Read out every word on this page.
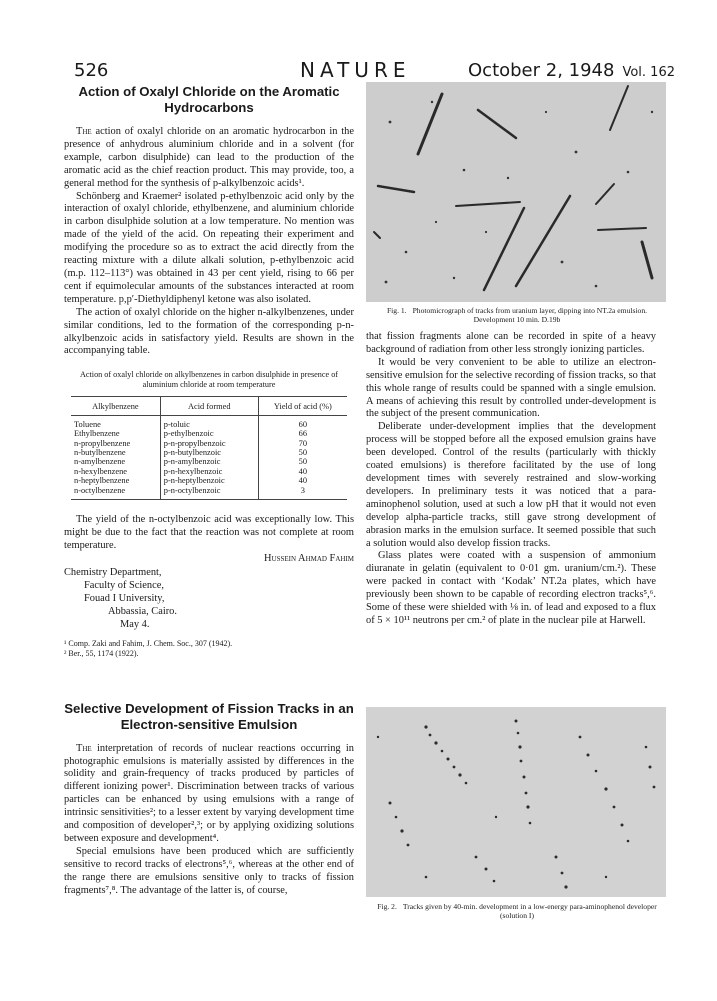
526	NATURE	October 2, 1948 Vol. 162
Action of Oxalyl Chloride on the Aromatic Hydrocarbons

The action of oxalyl chloride on an aromatic hydrocarbon in the presence of anhydrous aluminium chloride and in a solvent (for example, carbon disulphide) can lead to the production of the aromatic acid as the chief reaction product. This may provide, too, a general method for the synthesis of p-alkylbenzoic acids¹.

Schönberg and Kraemer² isolated p-ethylbenzoic acid only by the interaction of oxalyl chloride, ethylbenzene, and aluminium chloride in carbon disulphide solution at a low temperature. No mention was made of the yield of the acid. On repeating their experiment and modifying the procedure so as to extract the acid directly from the reacting mixture with a dilute alkali solution, p-ethylbenzoic acid (m.p. 112–113°) was obtained in 43 per cent yield, rising to 66 per cent if equimolecular amounts of the substances interacted at room temperature. p,p′-Diethyldiphenyl ketone was also isolated.

The action of oxalyl chloride on the higher n-alkylbenzenes, under similar conditions, led to the formation of the corresponding p-n-alkylbenzoic acids in satisfactory yield. Results are shown in the accompanying table.

Action of oxalyl chloride on alkylbenzenes in carbon disulphide in presence of aluminium chloride at room temperature
Alkylbenzene	Acid formed	Yield of acid (%)
Toluene	p-toluic	60
Ethylbenzene	p-ethylbenzoic	66
n-propylbenzene	p-n-propylbenzoic	70
n-butylbenzene	p-n-butylbenzoic	50
n-amylbenzene	p-n-amylbenzoic	50
n-hexylbenzene	p-n-hexylbenzoic	40
n-heptylbenzene	p-n-heptylbenzoic	40
n-octylbenzene	p-n-octylbenzoic	3

The yield of the n-octylbenzoic acid was exceptionally low. This might be due to the fact that the reaction was not complete at room temperature.

Hussein Ahmad Fahim
Chemistry Department,
Faculty of Science,
Fouad I University,
Abbassia, Cairo.
May 4.
¹ Comp. Zaki and Fahim, J. Chem. Soc., 307 (1942).
² Ber., 55, 1174 (1922).
Selective Development of Fission Tracks in an Electron-sensitive Emulsion

The interpretation of records of nuclear reactions occurring in photographic emulsions is materially assisted by differences in the solidity and grain-frequency of tracks produced by particles of different ionizing power¹. Discrimination between tracks of various particles can be enhanced by using emulsions with a range of intrinsic sensitivities²; to a lesser extent by varying development time and composition of developer²,³; or by applying oxidizing solutions between exposure and development⁴.

Special emulsions have been produced which are sufficiently sensitive to record tracks of electrons⁵,⁶, whereas at the other end of the range there are emulsions sensitive only to tracks of fission fragments⁷,⁸. The advantage of the latter is, of course,

Fig. 1. Photomicrograph of tracks from uranium layer, dipping into NT.2a emulsion. Development 10 min. D.19b

that fission fragments alone can be recorded in spite of a heavy background of radiation from other less strongly ionizing particles.

It would be very convenient to be able to utilize an electron-sensitive emulsion for the selective recording of fission tracks, so that this whole range of results could be spanned with a single emulsion. A means of achieving this result by controlled under-development is the subject of the present communication.

Deliberate under-development implies that the development process will be stopped before all the exposed emulsion grains have been developed. Control of the results (particularly with thickly coated emulsions) is therefore facilitated by the use of long development times with severely restrained and slow-working developers. In preliminary tests it was noticed that a para-aminophenol solution, used at such a low pH that it would not even develop alpha-particle tracks, still gave strong development of abrasion marks in the emulsion surface. It seemed possible that such a solution would also develop fission tracks.

Glass plates were coated with a suspension of ammonium diuranate in gelatin (equivalent to 0·01 gm. uranium/cm.²). These were packed in contact with ‘Kodak’ NT.2a plates, which have previously been shown to be capable of recording electron tracks⁵,⁶. Some of these were shielded with ⅛ in. of lead and exposed to a flux of 5 × 10¹¹ neutrons per cm.² of plate in the nuclear pile at Harwell.

Fig. 2. Tracks given by 40-min. development in a low-energy para-aminophenol developer (solution I)
